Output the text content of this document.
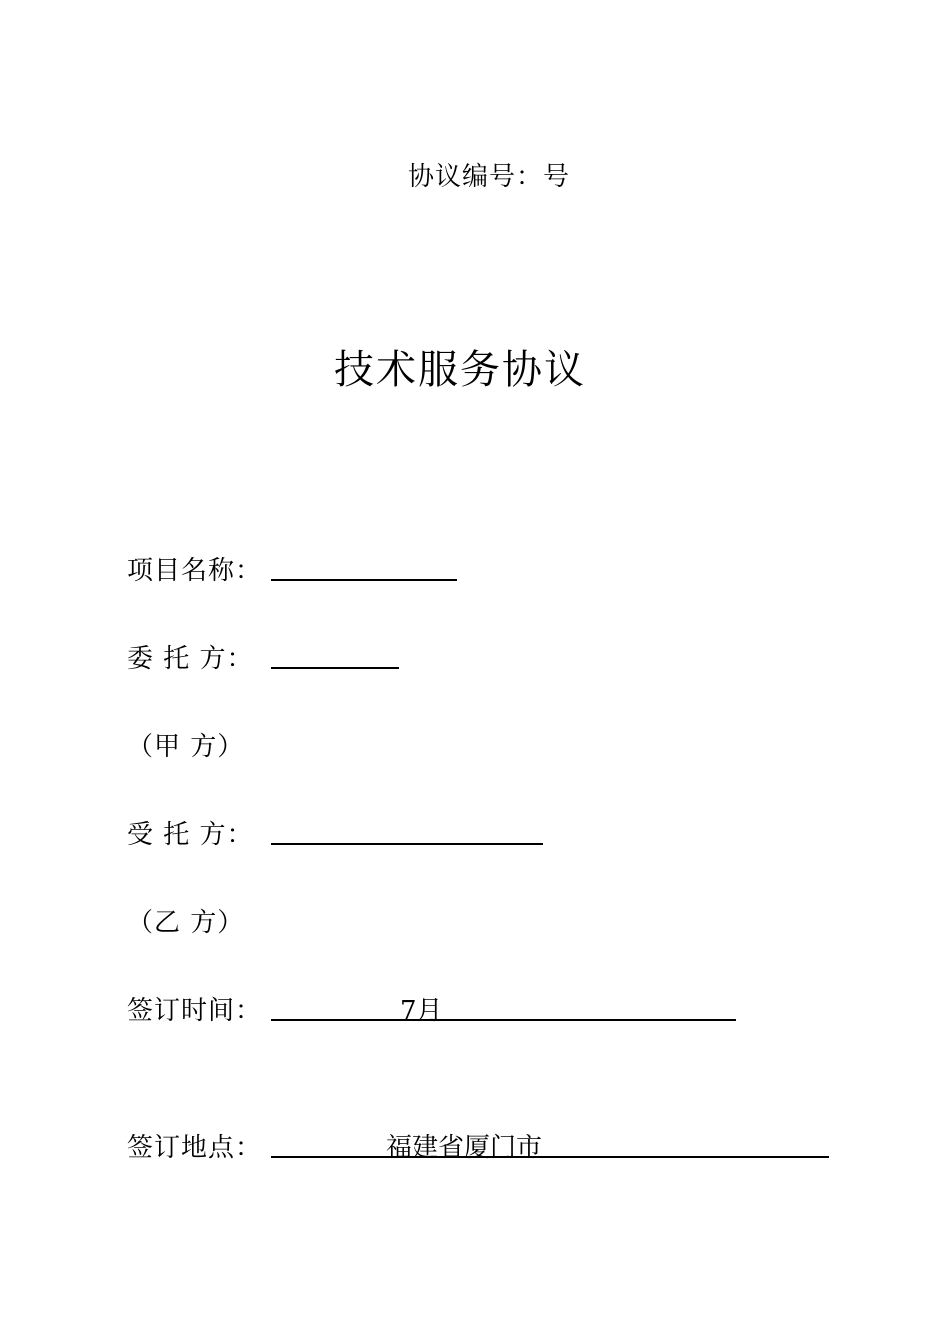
协议编号：号
技术服务协议
项目名称：
委 托 方：
（甲 方）
受 托 方：
（乙 方）
签订时间：	7月
签订地点：	福建省厦门市
